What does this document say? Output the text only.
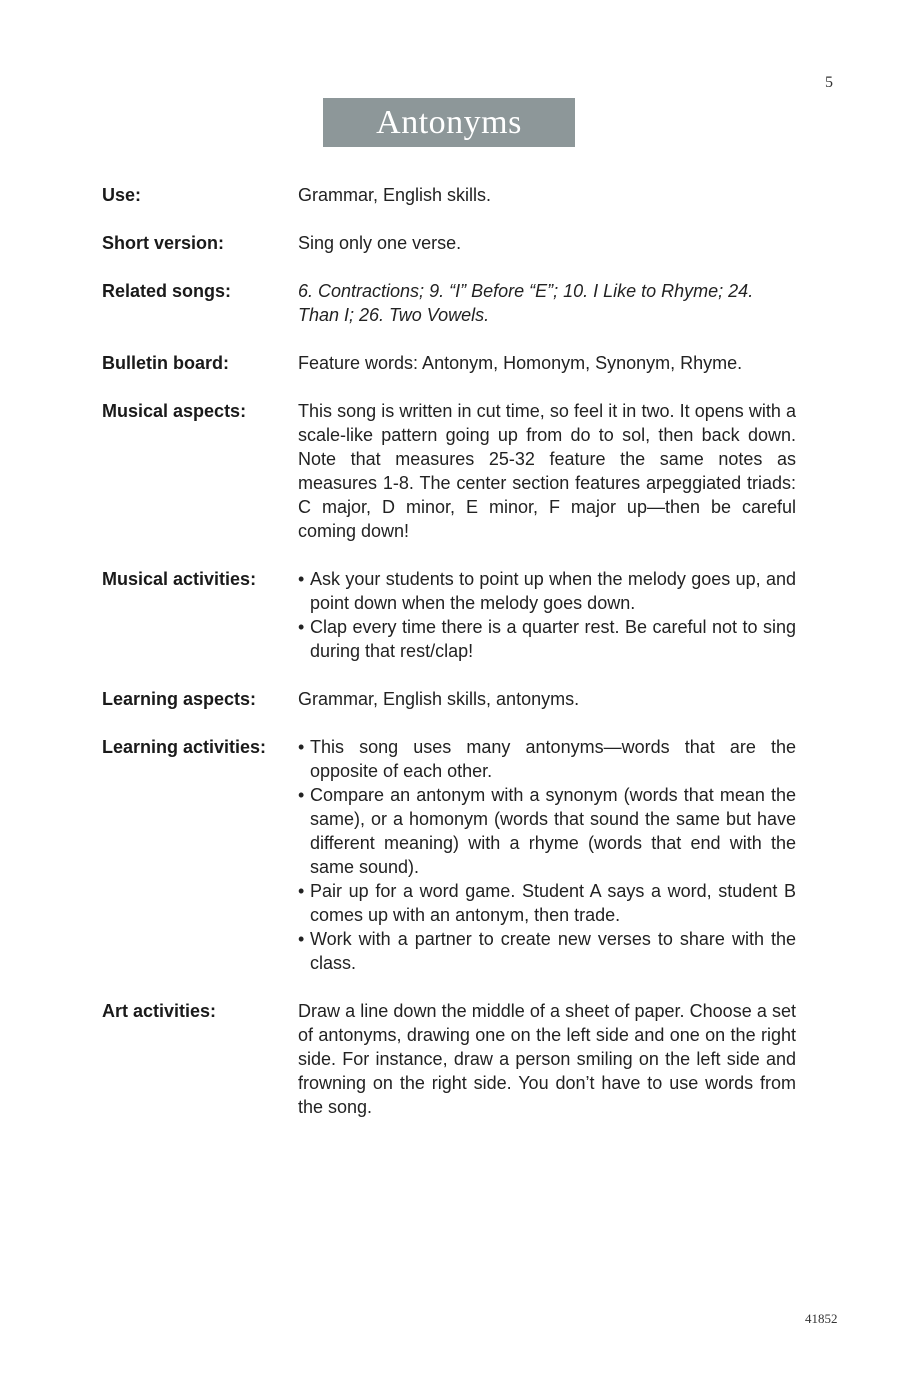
5
Antonyms
Use:	Grammar, English skills.
Short version:	Sing only one verse.
Related songs:	6. Contractions; 9. “I” Before “E”; 10. I Like to Rhyme; 24. Than I; 26. Two Vowels.
Bulletin board:	Feature words: Antonym, Homonym, Synonym, Rhyme.
Musical aspects:	This song is written in cut time, so feel it in two. It opens with a scale-like pattern going up from do to sol, then back down. Note that measures 25-32 feature the same notes as measures 1-8. The center section features arpeggiated triads: C major, D minor, E minor, F major up—then be careful coming down!
Musical activities:	• Ask your students to point up when the melody goes up, and point down when the melody goes down.
• Clap every time there is a quarter rest. Be careful not to sing during that rest/clap!
Learning aspects:	Grammar, English skills, antonyms.
Learning activities:	• This song uses many antonyms—words that are the opposite of each other.
• Compare an antonym with a synonym (words that mean the same), or a homonym (words that sound the same but have different meaning) with a rhyme (words that end with the same sound).
• Pair up for a word game. Student A says a word, student B comes up with an antonym, then trade.
• Work with a partner to create new verses to share with the class.
Art activities:	Draw a line down the middle of a sheet of paper. Choose a set of antonyms, drawing one on the left side and one on the right side. For instance, draw a person smiling on the left side and frowning on the right side. You don’t have to use words from the song.
41852
